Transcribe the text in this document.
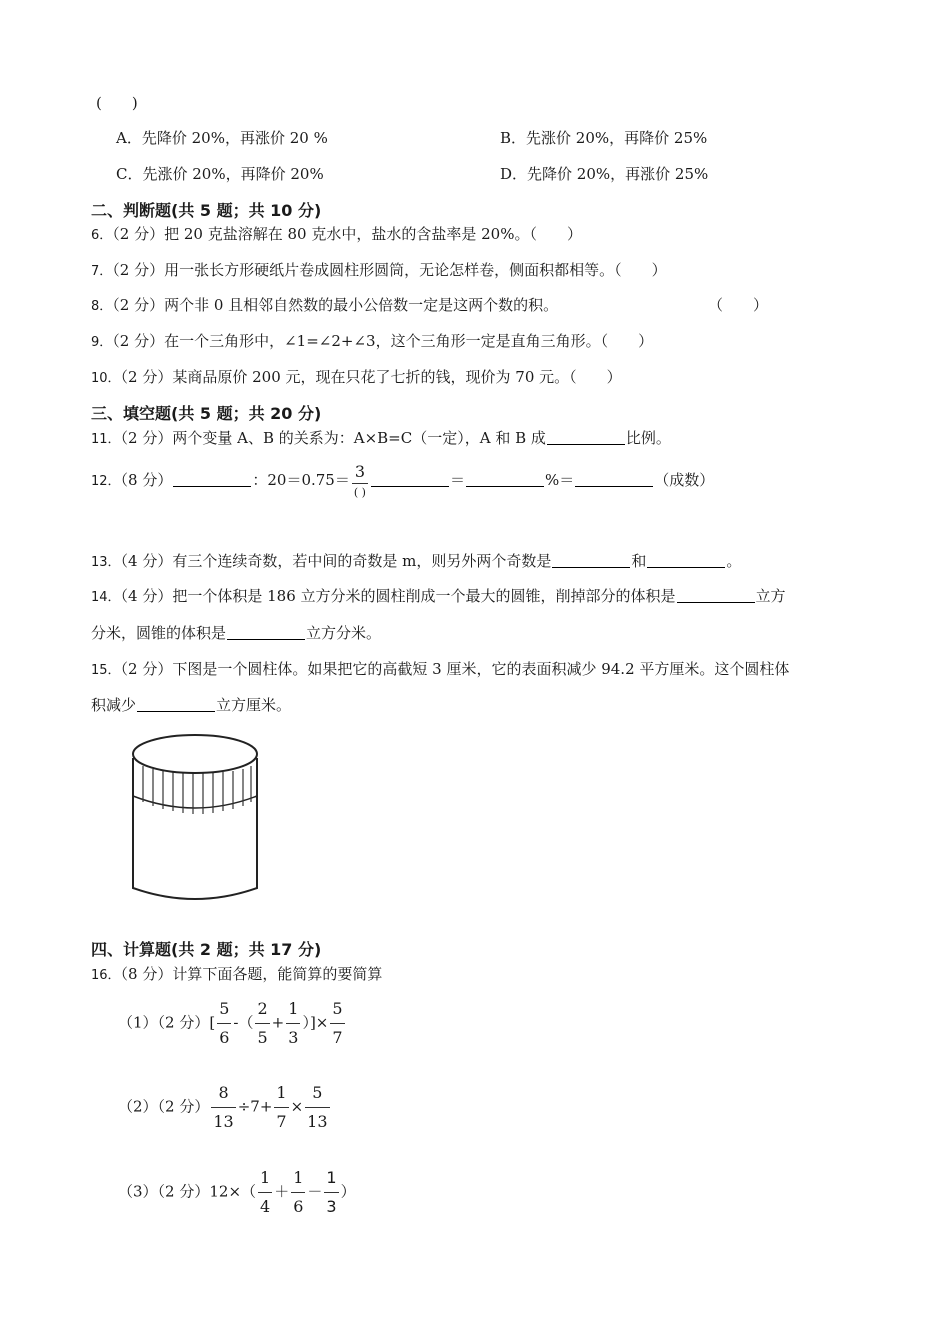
(　　)
A．先降价 20%，再涨价 20 %	B．先涨价 20%，再降价 25%
C．先涨价 20%，再降价 20%	D．先降价 20%，再涨价 25%
二、判断题(共 5 题；共 10 分)
6．（2 分）把 20 克盐溶解在 80 克水中，盐水的含盐率是 20%。（　　）
7．（2 分）用一张长方形硬纸片卷成圆柱形圆筒，无论怎样卷，侧面积都相等。（　　）
8．（2 分）两个非 0 且相邻自然数的最小公倍数一定是这两个数的积。	（　　）
9．（2 分）在一个三角形中，∠1=∠2+∠3，这个三角形一定是直角三角形。（　　）
10．（2 分）某商品原价 200 元，现在只花了七折的钱，现价为 70 元。（　　）
三、填空题(共 5 题；共 20 分)
11．（2 分）两个变量 A、B 的关系为：A×B=C（一定），A 和 B 成	比例。
12．（8 分）	：20＝0.75＝ 3
( )
＝	%＝	（成数）
13．（4 分）有三个连续奇数，若中间的奇数是 m，则另外两个奇数是	和	。
14．（4 分）把一个体积是 186 立方分米的圆柱削成一个最大的圆锥，削掉部分的体积是	立方
分米，圆锥的体积是	立方分米。
15．（2 分）下图是一个圆柱体。如果把它的高截短 3 厘米，它的表面积减少 94.2 平方厘米。这个圆柱体
积减少	立方厘米。
四、计算题(共 2 题；共 17 分)
16．（8 分）计算下面各题，能简算的要简算
（1）（2 分）[ $\frac{5}{6}$ -（ $\frac{2}{5} + \frac{1}{3}$ ）]× $\frac{5}{7}$
（2）（2 分） $\frac{8}{13} \div 7+ \frac{1}{7} \times \frac{5}{13}$
（3）（2 分）$12\times( \frac{1}{4} + \frac{1}{6} - \frac{1}{3}$ ）
